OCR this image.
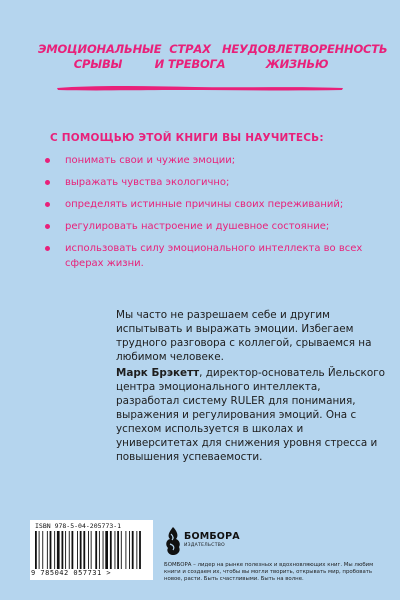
ЭМОЦИОНАЛЬНЫЕ
СРЫВЫ
СТРАХ
И ТРЕВОГА
НЕУДОВЛЕТВОРЕННОСТЬ
ЖИЗНЬЮ
С ПОМОЩЬЮ ЭТОЙ КНИГИ ВЫ НАУЧИТЕСЬ:
понимать свои и чужие эмоции;
выражать чувства экологично;
определять истинные причины своих переживаний;
регулировать настроение и душевное состояние;
использовать силу эмоционального интеллекта во всех сферах жизни.

Мы часто не разрешаем себе и другим испытывать и выражать эмоции. Избегаем трудного разговора с коллегой, срываемся на любимом человеке.

Марк Брэкетт, директор-основатель Йельского центра эмоционального интеллекта, разработал систему RULER для понимания, выражения и регулирования эмоций. Она с успехом используется в школах и университетах для снижения уровня стресса и повышения успеваемости.

ISBN 978-5-04-205773-1
9 785042 057731 >
БОМБОРА
ИЗДАТЕЛЬСТВО
БОМБОРА – лидер на рынке полезных и вдохновляющих книг. Мы любим книги и создаем их, чтобы вы могли творить, открывать мир, пробовать новое, расти. Быть счастливыми. Быть на волне.
